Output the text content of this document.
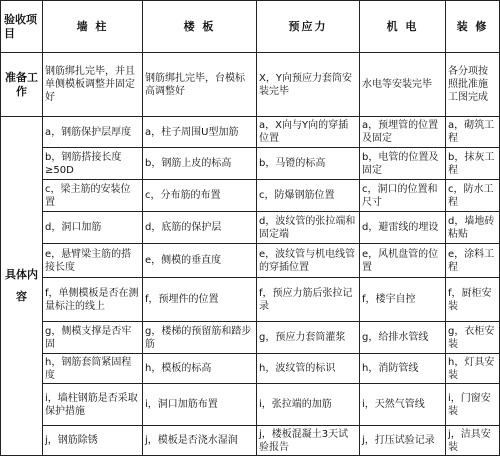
验收项目	墙 柱	楼 板	预应力	机 电	装 修
准备工作	钢筋绑扎完毕，并且单侧模板调整并固定好	钢筋绑扎完毕，台模标高调整好	X，Y向预应力套筒安装完毕	水电等安装完毕	各分项按照批准施工图完成
具体内容	a，钢筋保护层厚度	a，柱子周围U型加筋	a，X向与Y向的穿插位置	a，预埋管的位置及固定	a，砌筑工程
	b，钢筋搭接长度≥50D	b，钢筋上皮的标高	b，马镫的标高	b，电管的位置及固定	b，抹灰工程
	c，梁主筋的安装位置	c，分布筋的布置	c，防爆钢筋位置	c，洞口的位置和尺寸	c，防水工程
	d，洞口加筋	d，底筋的保护层	d，波纹管的张拉端和固定端	d，避雷线的埋设	d，墙地砖粘贴
	e，悬臂梁主筋的搭接长度	e，侧模的垂直度	e，波纹管与机电线管的穿插位置	e，风机盘管的位置	e，涂料工程
	f，单侧模板是否在测量标注的线上	f，预埋件的位置	f，预应力筋后张拉记录	f，楼宇自控	f，厨柜安装
	g，侧模支撑是否牢固	g，楼梯的预留筋和踏步筋	g，预应力套筒灌浆	g，给排水管线	g，衣柜安装
	h，钢筋套筒紧固程度	h，模板的标高	h，波纹管的标识	h，消防管线	h，灯具安装
	i，墙柱钢筋是否采取保护措施	i，洞口加筋布置	i，张拉端的加筋	i，天然气管线	i，门窗安装
	j，钢筋除锈	j，模板是否浇水湿润	j，楼板混凝土3天试验报告	j，打压试验记录	j，洁具安装
